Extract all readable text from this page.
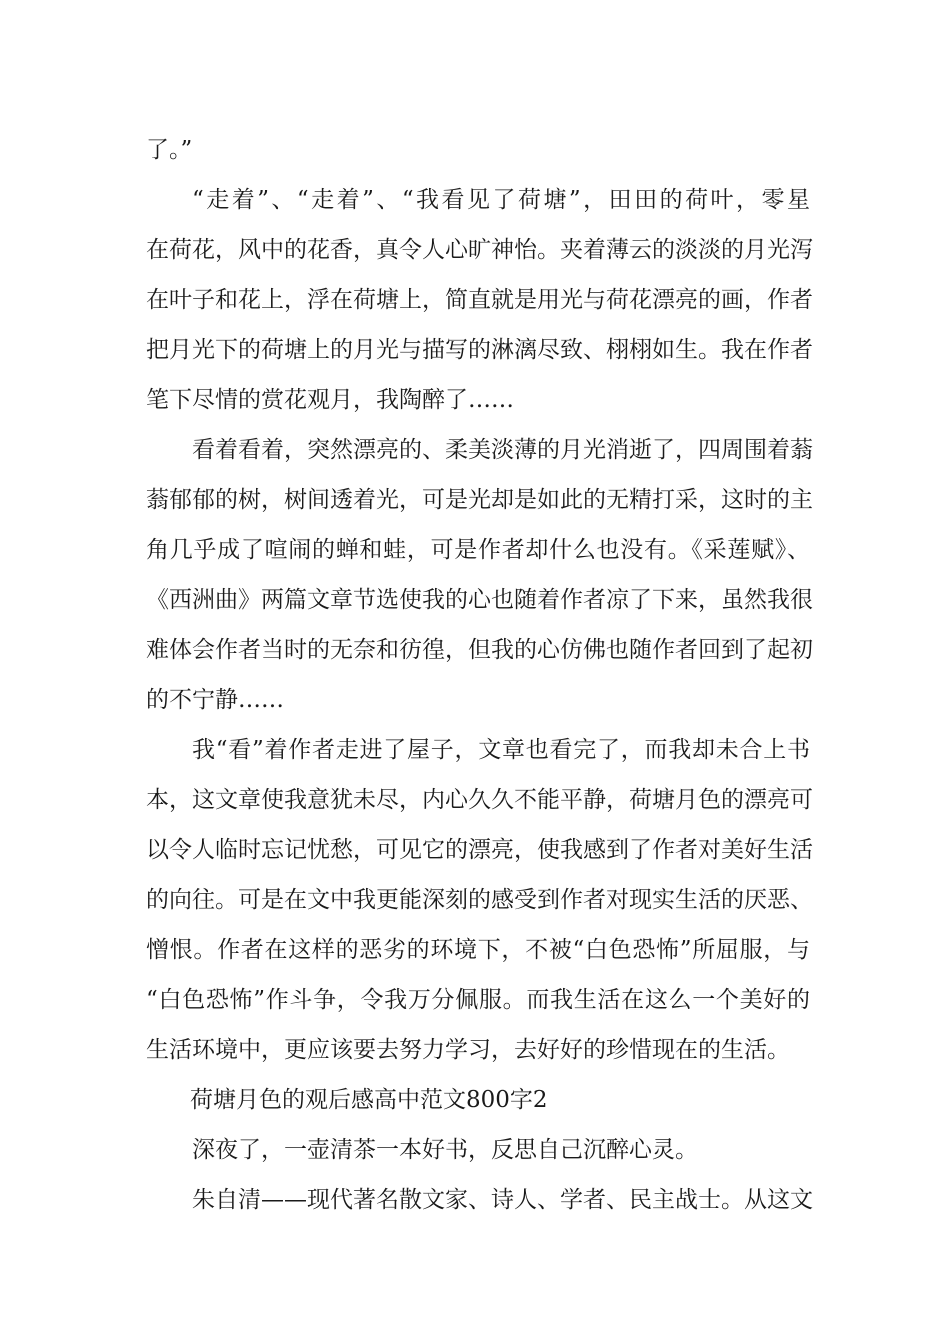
了。”
“走着”、“走着”、“我看见了荷塘”，田田的荷叶，零星
在荷花，风中的花香，真令人心旷神怡。夹着薄云的淡淡的月光泻
在叶子和花上，浮在荷塘上，简直就是用光与荷花漂亮的画，作者
把月光下的荷塘上的月光与描写的淋漓尽致、栩栩如生。我在作者
笔下尽情的赏花观月，我陶醉了……
看着看着，突然漂亮的、柔美淡薄的月光消逝了，四周围着蓊
蓊郁郁的树，树间透着光，可是光却是如此的无精打采，这时的主
角几乎成了喧闹的蝉和蛙，可是作者却什么也没有。《采莲赋》、
《西洲曲》两篇文章节选使我的心也随着作者凉了下来，虽然我很
难体会作者当时的无奈和彷徨，但我的心仿佛也随作者回到了起初
的不宁静……
我“看”着作者走进了屋子，文章也看完了，而我却未合上书
本，这文章使我意犹未尽，内心久久不能平静，荷塘月色的漂亮可
以令人临时忘记忧愁，可见它的漂亮，使我感到了作者对美好生活
的向往。可是在文中我更能深刻的感受到作者对现实生活的厌恶、
憎恨。作者在这样的恶劣的环境下，不被“白色恐怖”所屈服，与
“白色恐怖”作斗争，令我万分佩服。而我生活在这么一个美好的
生活环境中，更应该要去努力学习，去好好的珍惜现在的生活。
荷塘月色的观后感高中范文800字2
深夜了，一壶清茶一本好书，反思自己沉醉心灵。
朱自清——现代著名散文家、诗人、学者、民主战士。从这文
